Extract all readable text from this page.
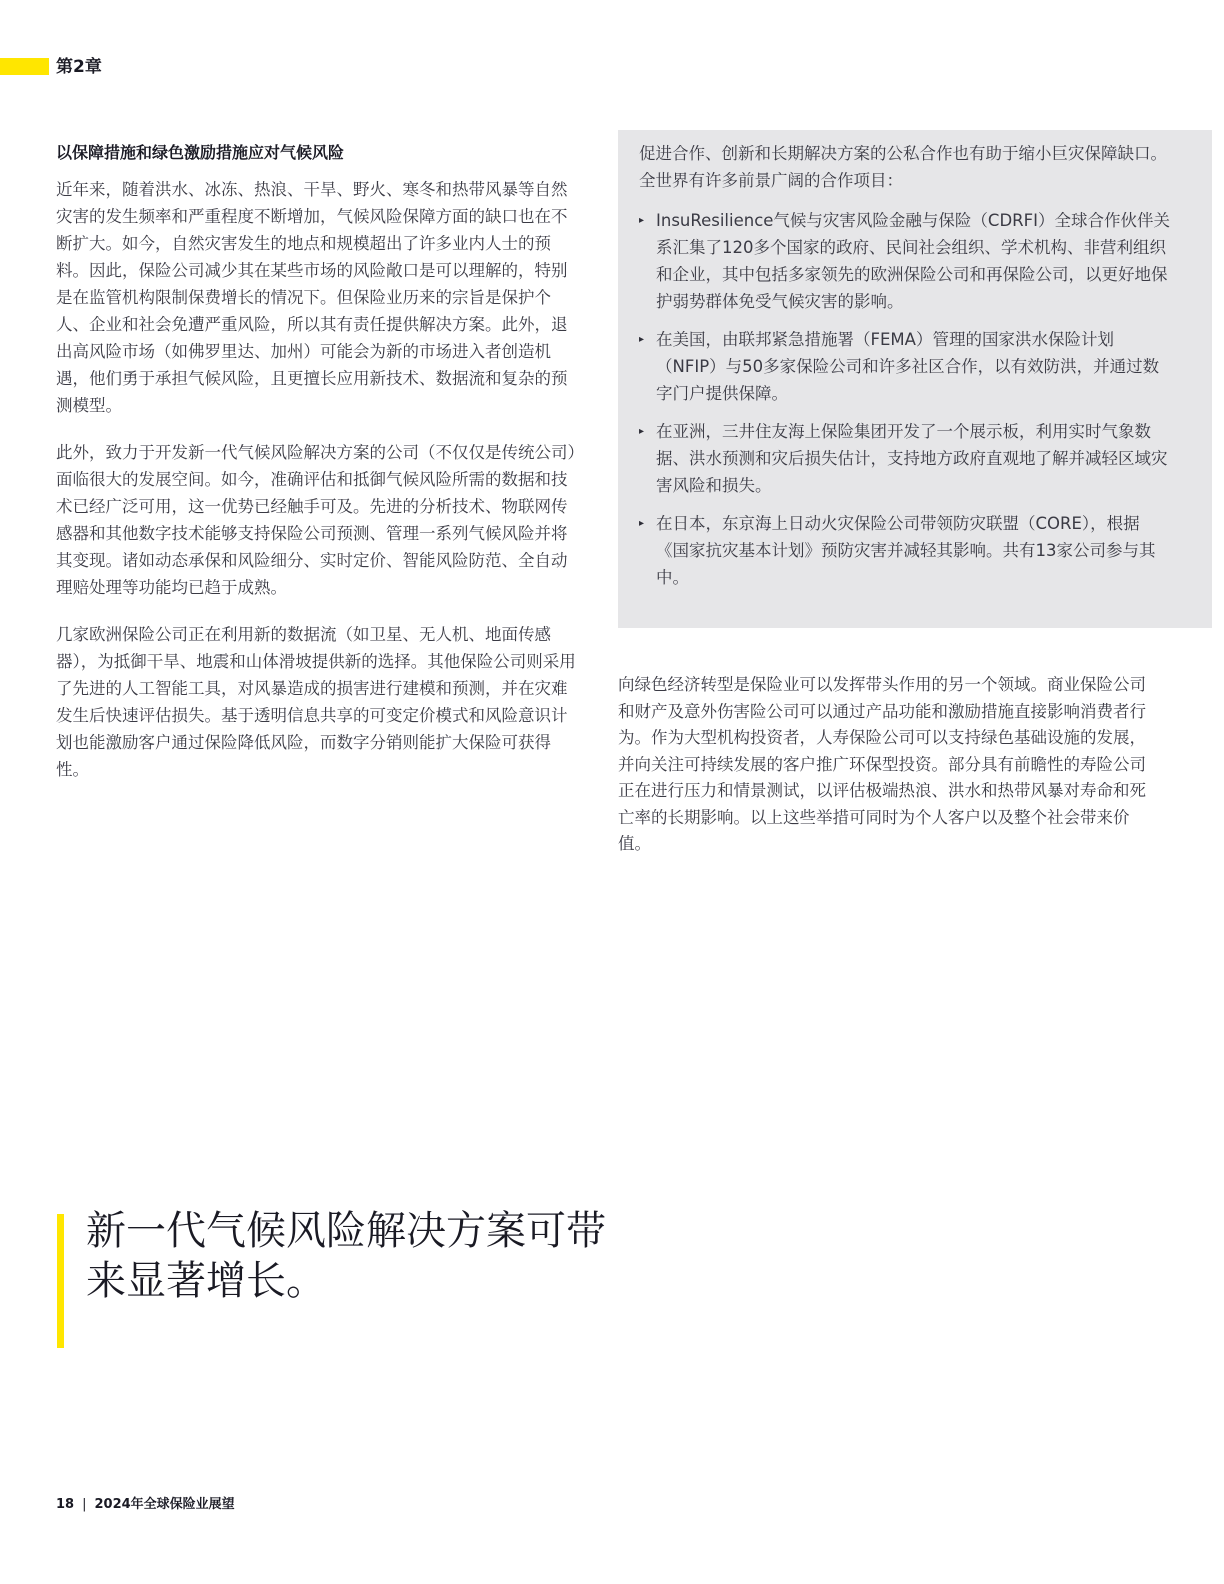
第2章
以保障措施和绿色激励措施应对气候风险

近年来，随着洪水、冰冻、热浪、干旱、野火、寒冬和热带风暴等自然灾害的发生频率和严重程度不断增加，气候风险保障方面的缺口也在不断扩大。如今，自然灾害发生的地点和规模超出了许多业内人士的预料。因此，保险公司减少其在某些市场的风险敞口是可以理解的，特别是在监管机构限制保费增长的情况下。但保险业历来的宗旨是保护个人、企业和社会免遭严重风险，所以其有责任提供解决方案。此外，退出高风险市场（如佛罗里达、加州）可能会为新的市场进入者创造机遇，他们勇于承担气候风险，且更擅长应用新技术、数据流和复杂的预测模型。

此外，致力于开发新一代气候风险解决方案的公司（不仅仅是传统公司）面临很大的发展空间。如今，准确评估和抵御气候风险所需的数据和技术已经广泛可用，这一优势已经触手可及。先进的分析技术、物联网传感器和其他数字技术能够支持保险公司预测、管理一系列气候风险并将其变现。诸如动态承保和风险细分、实时定价、智能风险防范、全自动理赔处理等功能均已趋于成熟。

几家欧洲保险公司正在利用新的数据流（如卫星、无人机、地面传感器），为抵御干旱、地震和山体滑坡提供新的选择。其他保险公司则采用了先进的人工智能工具，对风暴造成的损害进行建模和预测，并在灾难发生后快速评估损失。基于透明信息共享的可变定价模式和风险意识计划也能激励客户通过保险降低风险，而数字分销则能扩大保险可获得性。

促进合作、创新和长期解决方案的公私合作也有助于缩小巨灾保障缺口。全世界有许多前景广阔的合作项目：

▸ InsuResilience气候与灾害风险金融与保险（CDRFI）全球合作伙伴关系汇集了120多个国家的政府、民间社会组织、学术机构、非营利组织和企业，其中包括多家领先的欧洲保险公司和再保险公司，以更好地保护弱势群体免受气候灾害的影响。
▸ 在美国，由联邦紧急措施署（FEMA）管理的国家洪水保险计划（NFIP）与50多家保险公司和许多社区合作，以有效防洪，并通过数字门户提供保障。
▸ 在亚洲，三井住友海上保险集团开发了一个展示板，利用实时气象数据、洪水预测和灾后损失估计，支持地方政府直观地了解并减轻区域灾害风险和损失。
▸ 在日本，东京海上日动火灾保险公司带领防灾联盟（CORE），根据《国家抗灾基本计划》预防灾害并减轻其影响。共有13家公司参与其中。

向绿色经济转型是保险业可以发挥带头作用的另一个领域。商业保险公司和财产及意外伤害险公司可以通过产品功能和激励措施直接影响消费者行为。作为大型机构投资者，人寿保险公司可以支持绿色基础设施的发展，并向关注可持续发展的客户推广环保型投资。部分具有前瞻性的寿险公司正在进行压力和情景测试，以评估极端热浪、洪水和热带风暴对寿命和死亡率的长期影响。以上这些举措可同时为个人客户以及整个社会带来价值。

新一代气候风险解决方案可带来显著增长。
18 | 2024年全球保险业展望
